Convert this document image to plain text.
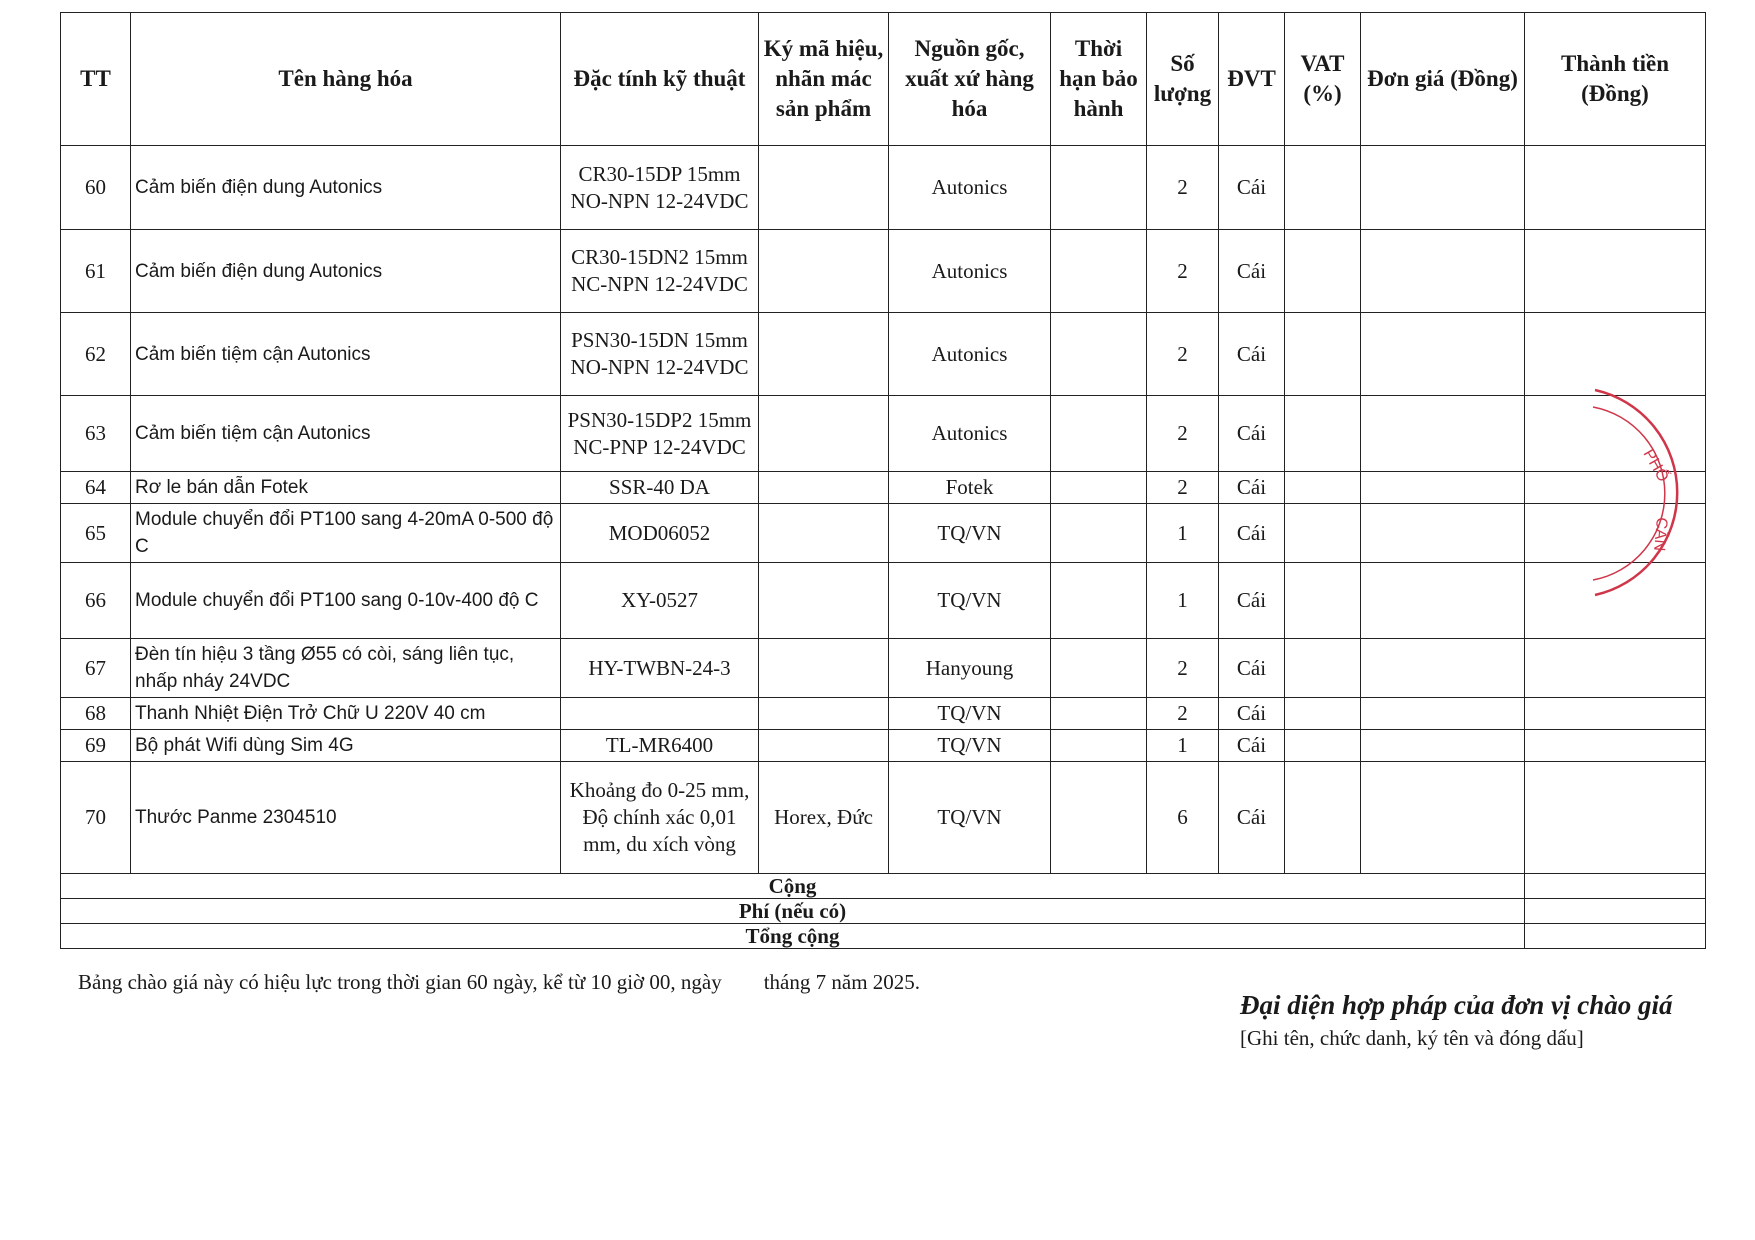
TT	Tên hàng hóa	Đặc tính kỹ thuật	Ký mã hiệu, nhãn mác sản phẩm	Nguồn gốc, xuất xứ hàng hóa	Thời hạn bảo hành	Số lượng	ĐVT	VAT (%)	Đơn giá (Đồng)	Thành tiền (Đồng)
60	Cảm biến điện dung Autonics	CR30-15DP 15mm NO-NPN 12-24VDC		Autonics		2	Cái			
61	Cảm biến điện dung Autonics	CR30-15DN2 15mm NC-NPN 12-24VDC		Autonics		2	Cái			
62	Cảm biến tiệm cận Autonics	PSN30-15DN 15mm NO-NPN 12-24VDC		Autonics		2	Cái			
63	Cảm biến tiệm cận Autonics	PSN30-15DP2 15mm NC-PNP 12-24VDC		Autonics		2	Cái			
64	Rơ le bán dẫn Fotek	SSR-40 DA		Fotek		2	Cái			
65	Module chuyển đổi PT100 sang 4-20mA 0-500 độ C	MOD06052		TQ/VN		1	Cái			
66	Module chuyển đổi PT100 sang 0-10v-400 độ C	XY-0527		TQ/VN		1	Cái			
67	Đèn tín hiệu 3 tầng Ø55 có còi, sáng liên tục, nhấp nháy 24VDC	HY-TWBN-24-3		Hanyoung		2	Cái			
68	Thanh Nhiệt Điện Trở Chữ U 220V 40 cm			TQ/VN		2	Cái			
69	Bộ phát Wifi dùng Sim 4G	TL-MR6400		TQ/VN		1	Cái			
70	Thước Panme 2304510	Khoảng đo 0-25 mm, Độ chính xác 0,01 mm, du xích vòng	Horex, Đức	TQ/VN		6	Cái			
Cộng										
Phí (nếu có)										
Tổng cộng										
Bảng chào giá này có hiệu lực trong thời gian 60 ngày, kể từ 10 giờ 00, ngày        tháng 7 năm 2025.
Đại diện hợp pháp của đơn vị chào giá
[Ghi tên, chức danh, ký tên và đóng dấu]
PHỐ
CẦN
